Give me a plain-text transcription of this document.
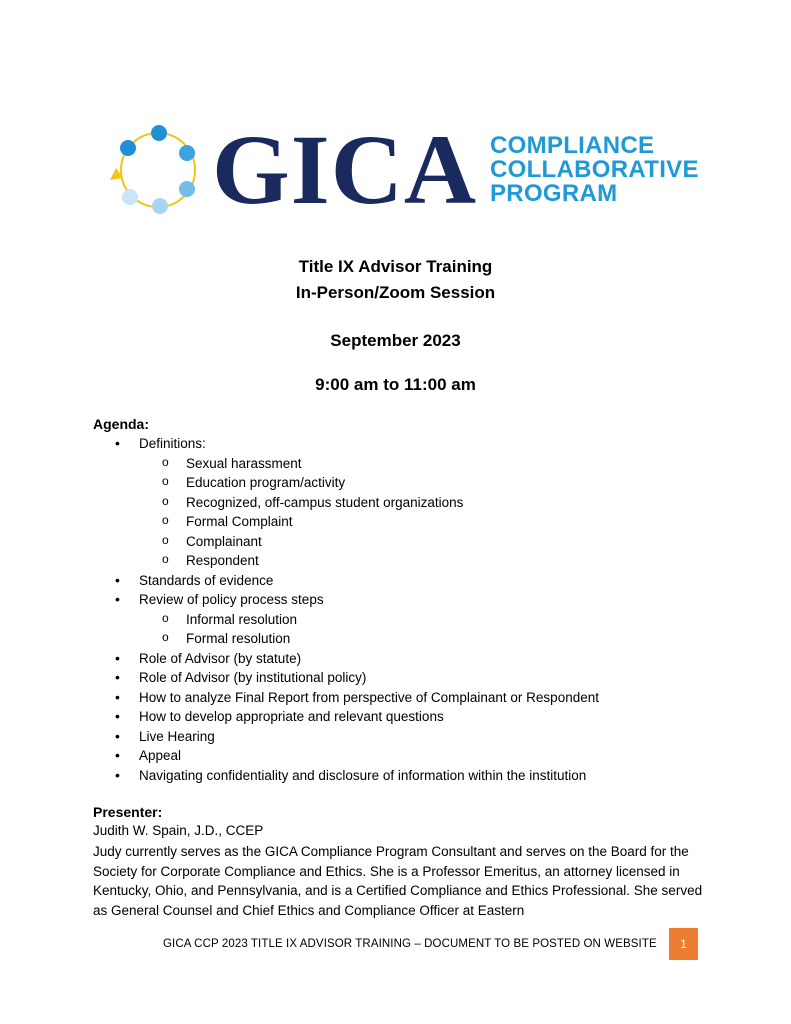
GICA COMPLIANCE
COLLABORATIVE
PROGRAM
Title IX Advisor Training
In-Person/Zoom Session
September 2023
9:00 am to 11:00 am
Agenda:
• Definitions:
o Sexual harassment
o Education program/activity
o Recognized, off-campus student organizations
o Formal Complaint
o Complainant
o Respondent
• Standards of evidence
• Review of policy process steps
o Informal resolution
o Formal resolution
• Role of Advisor (by statute)
• Role of Advisor (by institutional policy)
• How to analyze Final Report from perspective of Complainant or Respondent
• How to develop appropriate and relevant questions
• Live Hearing
• Appeal
• Navigating confidentiality and disclosure of information within the institution
Presenter:
Judith W. Spain, J.D., CCEP
Judy currently serves as the GICA Compliance Program Consultant and serves on the Board for the Society for Corporate Compliance and Ethics. She is a Professor Emeritus, an attorney licensed in Kentucky, Ohio, and Pennsylvania, and is a Certified Compliance and Ethics Professional. She served as General Counsel and Chief Ethics and Compliance Officer at Eastern
GICA CCP 2023 TITLE IX ADVISOR TRAINING – DOCUMENT TO BE POSTED ON WEBSITE	1
